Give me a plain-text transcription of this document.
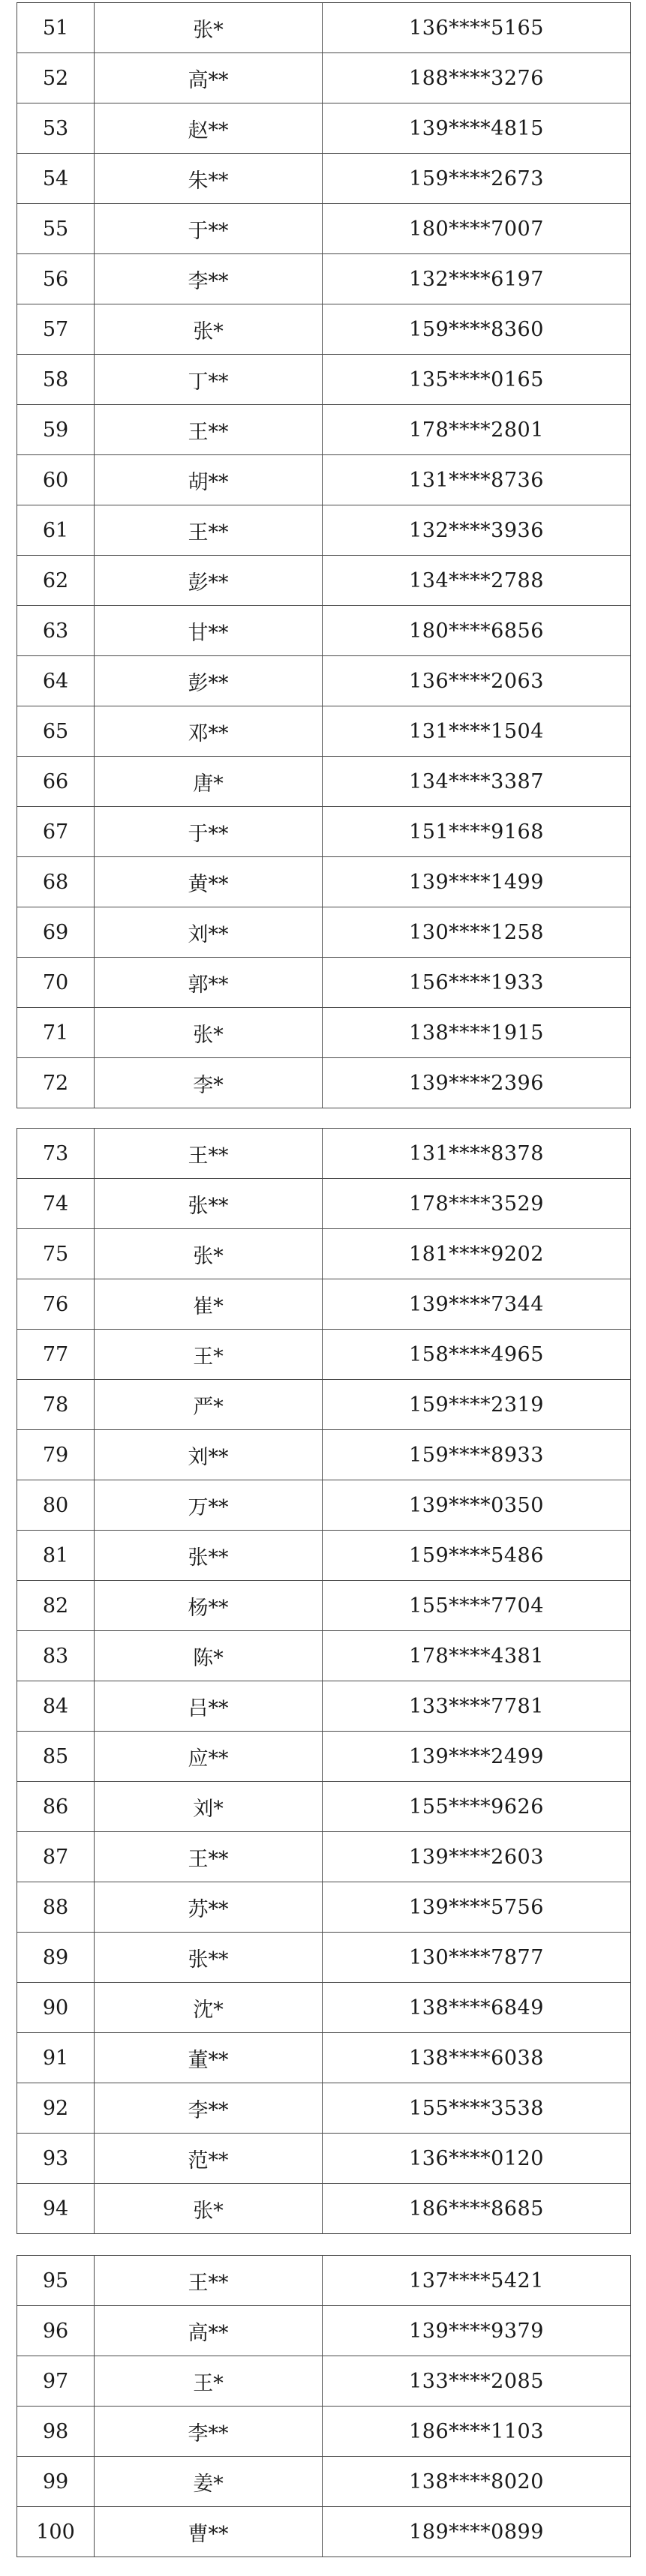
51	张*	136****5165
52	高**	188****3276
53	赵**	139****4815
54	朱**	159****2673
55	于**	180****7007
56	李**	132****6197
57	张*	159****8360
58	丁**	135****0165
59	王**	178****2801
60	胡**	131****8736
61	王**	132****3936
62	彭**	134****2788
63	甘**	180****6856
64	彭**	136****2063
65	邓**	131****1504
66	唐*	134****3387
67	于**	151****9168
68	黄**	139****1499
69	刘**	130****1258
70	郭**	156****1933
71	张*	138****1915
72	李*	139****2396
73	王**	131****8378
74	张**	178****3529
75	张*	181****9202
76	崔*	139****7344
77	王*	158****4965
78	严*	159****2319
79	刘**	159****8933
80	万**	139****0350
81	张**	159****5486
82	杨**	155****7704
83	陈*	178****4381
84	吕**	133****7781
85	应**	139****2499
86	刘*	155****9626
87	王**	139****2603
88	苏**	139****5756
89	张**	130****7877
90	沈*	138****6849
91	董**	138****6038
92	李**	155****3538
93	范**	136****0120
94	张*	186****8685
95	王**	137****5421
96	高**	139****9379
97	王*	133****2085
98	李**	186****1103
99	姜*	138****8020
100	曹**	189****0899
